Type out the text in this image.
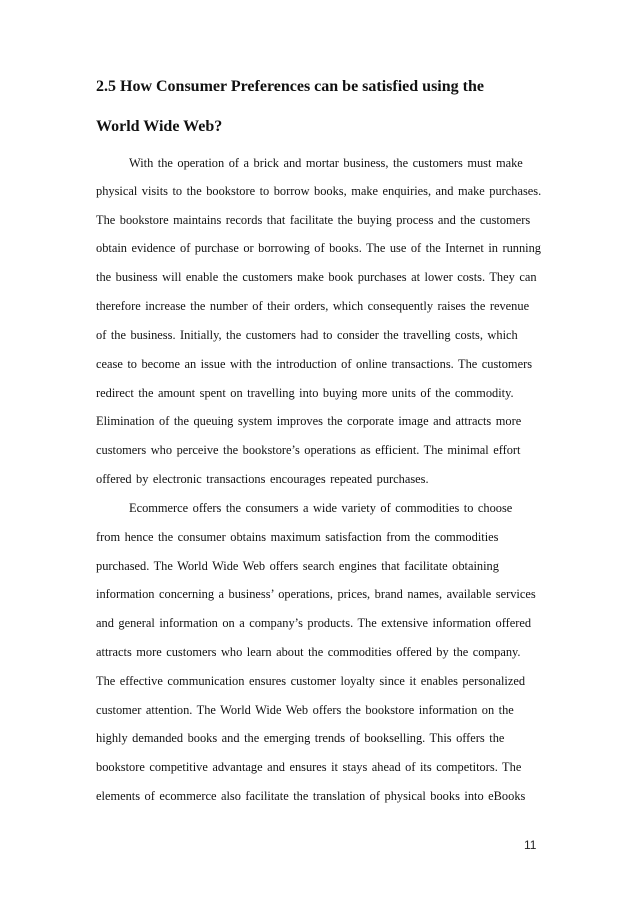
2.5 How Consumer Preferences can be satisfied using the
World Wide Web?

With the operation of a brick and mortar business, the customers must make

physical visits to the bookstore to borrow books, make enquiries, and make purchases.

The bookstore maintains records that facilitate the buying process and the customers

obtain evidence of purchase or borrowing of books. The use of the Internet in running

the business will enable the customers make book purchases at lower costs. They can

therefore increase the number of their orders, which consequently raises the revenue

of the business. Initially, the customers had to consider the travelling costs, which

cease to become an issue with the introduction of online transactions. The customers

redirect the amount spent on travelling into buying more units of the commodity.

Elimination of the queuing system improves the corporate image and attracts more

customers who perceive the bookstore’s operations as efficient. The minimal effort

offered by electronic transactions encourages repeated purchases.

Ecommerce offers the consumers a wide variety of commodities to choose

from hence the consumer obtains maximum satisfaction from the commodities

purchased. The World Wide Web offers search engines that facilitate obtaining

information concerning a business’ operations, prices, brand names, available services

and general information on a company’s products. The extensive information offered

attracts more customers who learn about the commodities offered by the company.

The effective communication ensures customer loyalty since it enables personalized

customer attention. The World Wide Web offers the bookstore information on the

highly demanded books and the emerging trends of bookselling. This offers the

bookstore competitive advantage and ensures it stays ahead of its competitors. The

elements of ecommerce also facilitate the translation of physical books into eBooks

11
